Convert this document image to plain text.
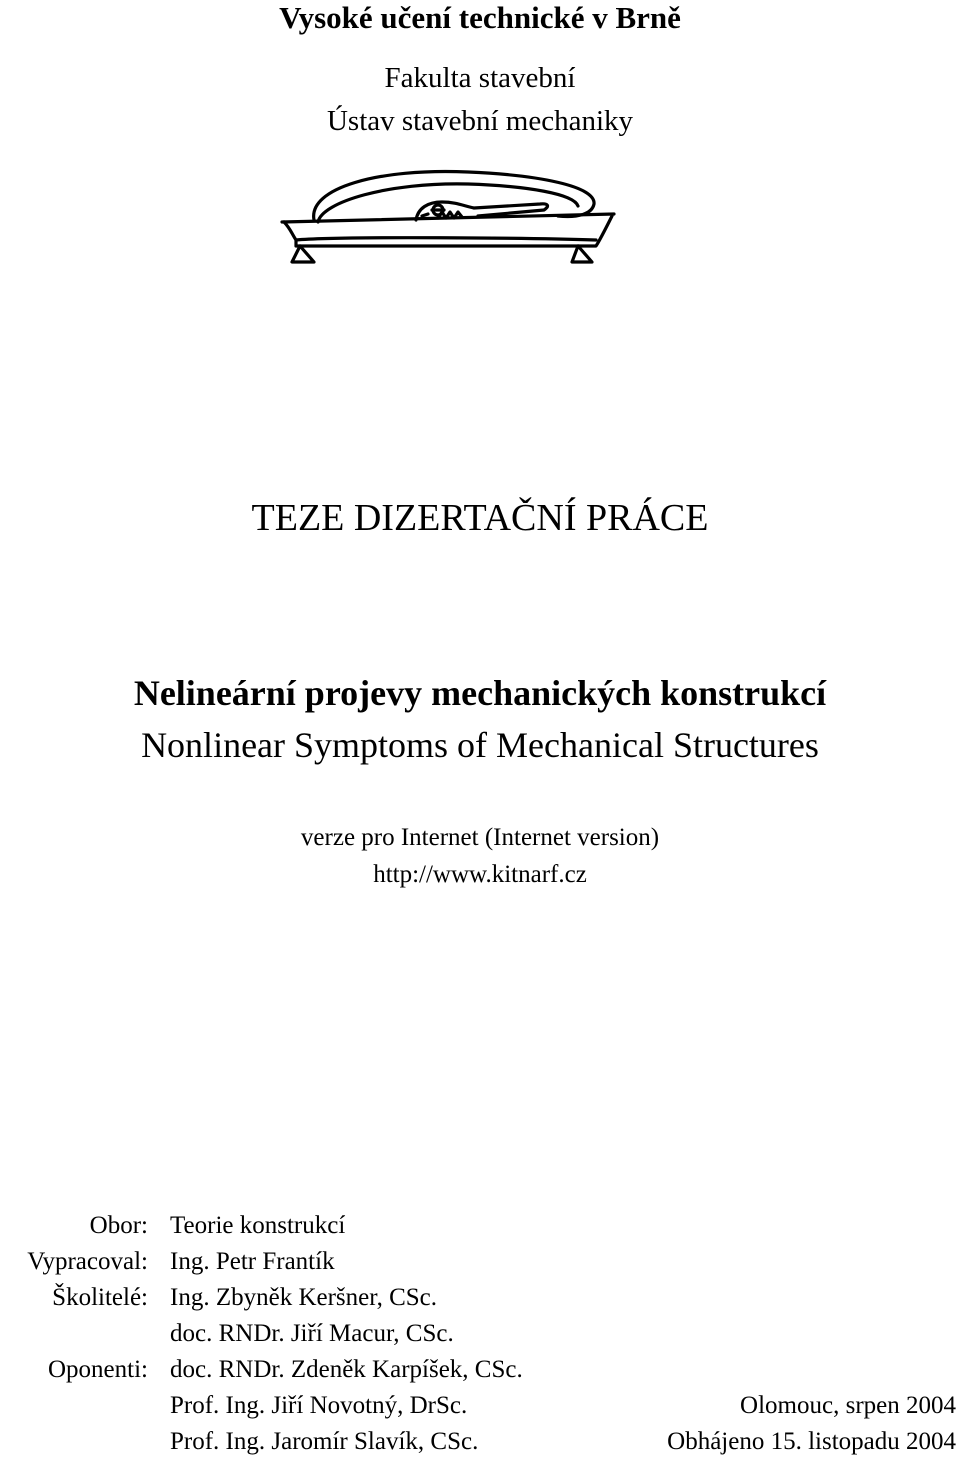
Vysoké učení technické v Brně
Fakulta stavební
Ústav stavební mechaniky
TEZE DIZERTAČNÍ PRÁCE
Nelineární projevy mechanických konstrukcí
Nonlinear Symptoms of Mechanical Structures
verze pro Internet (Internet version)
http://www.kitnarf.cz
Obor: Teorie konstrukcí
Vypracoval: Ing. Petr Frantík
Školitelé: Ing. Zbyněk Keršner, CSc.
doc. RNDr. Jiří Macur, CSc.
Oponenti: doc. RNDr. Zdeněk Karpíšek, CSc.
Prof. Ing. Jiří Novotný, DrSc.	Olomouc, srpen 2004
Prof. Ing. Jaromír Slavík, CSc.	Obhájeno 15. listopadu 2004
